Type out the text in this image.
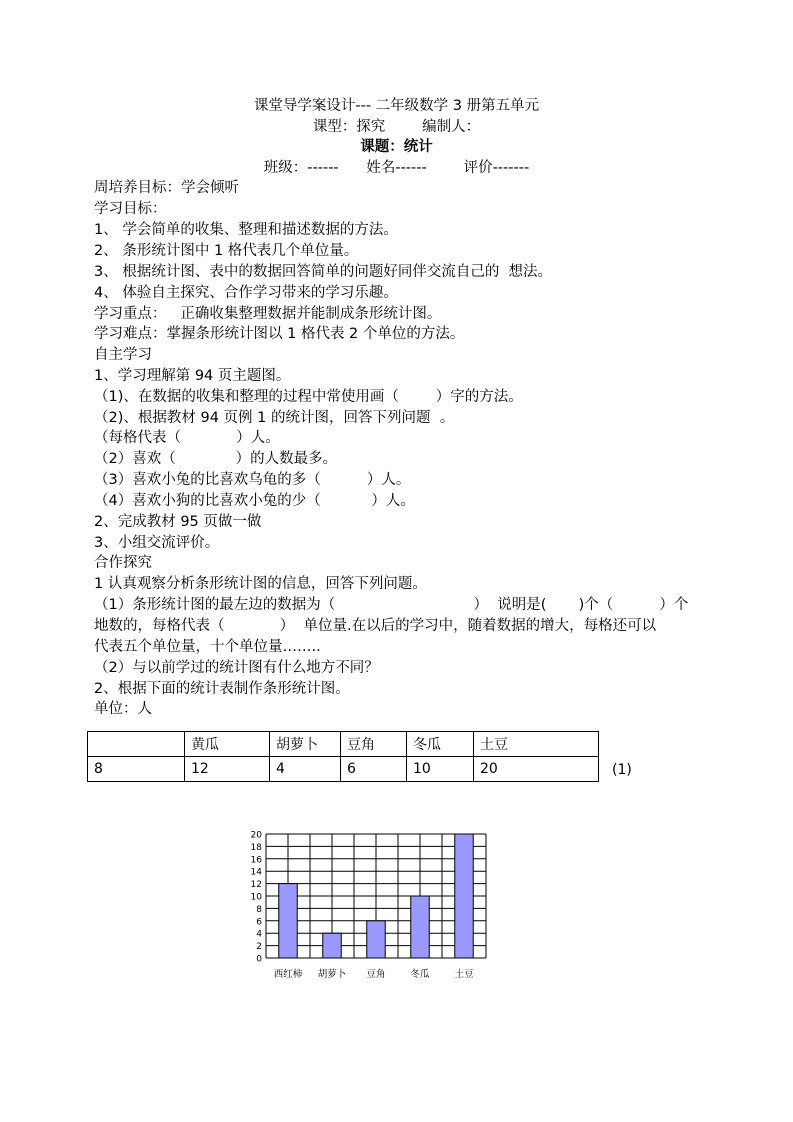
课堂导学案设计--- 二年级数学 3 册第五单元
课型：探究        编制人：
课题：统计
班级：------      姓名------        评价-------
周培养目标：学会倾听
学习目标：
1、 学会简单的收集、整理和描述数据的方法。
2、 条形统计图中 1 格代表几个单位量。
3、 根据统计图、表中的数据回答简单的问题好同伴交流自己的  想法。
4、 体验自主探究、合作学习带来的学习乐趣。
学习重点：   正确收集整理数据并能制成条形统计图。
学习难点：掌握条形统计图以 1 格代表 2 个单位的方法。
自主学习
1、学习理解第 94 页主题图。
（1)、在数据的收集和整理的过程中常使用画（        ）字的方法。
（2)、根据教材 94 页例 1 的统计图，回答下列问题  。
（每格代表（            ）人。
（2）喜欢（             ）的人数最多。
（3）喜欢小兔的比喜欢乌龟的多（          ）人。
（4）喜欢小狗的比喜欢小兔的少（           ）人。
2、完成教材 95 页做一做
3、小组交流评价。
合作探究
1 认真观察分析条形统计图的信息，回答下列问题。
（1）条形统计图的最左边的数据为（                              ）  说明是(       )个（          ）个
地数的，每格代表（            ）  单位量.在以后的学习中，随着数据的增大，每格还可以
代表五个单位量，十个单位量……..
（2）与以前学过的统计图有什么地方不同？
2、根据下面的统计表制作条形统计图。
单位：人
	黄瓜	胡萝卜	豆角	冬瓜	土豆
8	12	4	6	10	20	(1)
0
2
4
6
8
10
12
14
16
18
20
西红柿 胡萝卜 豆角	冬瓜	土豆
